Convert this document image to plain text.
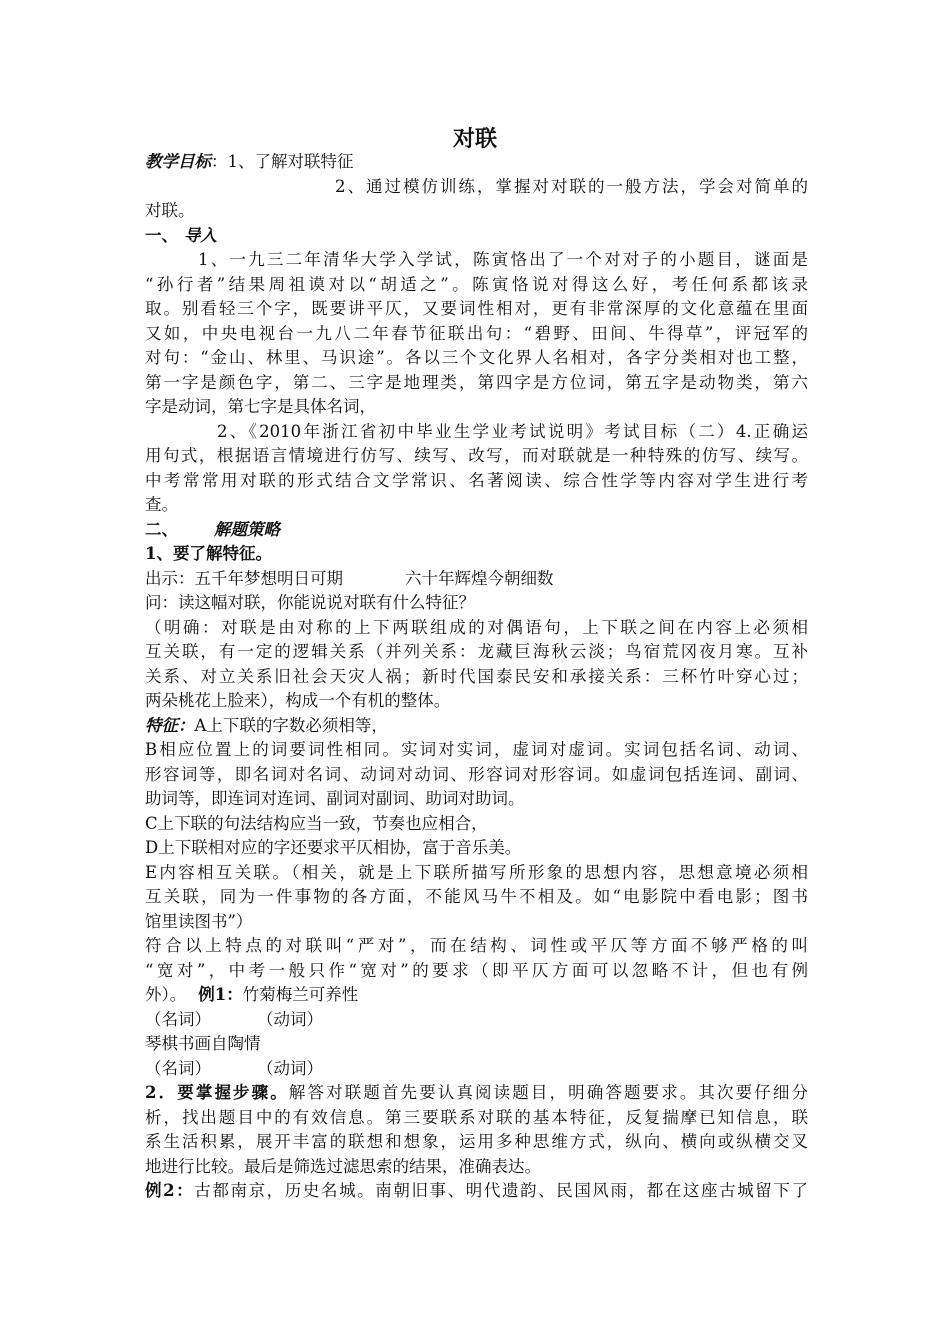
对联
教学目标：1、了解对联特征
2、通过模仿训练，掌握对对联的一般方法，学会对简单的
对联。
一、 导入
1、一九三二年清华大学入学试，陈寅恪出了一个对对子的小题目，谜面是
“孙行者”结果周祖谟对以“胡适之”。陈寅恪说对得这么好，考任何系都该录
取。别看轻三个字，既要讲平仄，又要词性相对，更有非常深厚的文化意蕴在里面
又如，中央电视台一九八二年春节征联出句：“碧野、田间、牛得草”，评冠军的
对句：“金山、林里、马识途”。各以三个文化界人名相对，各字分类相对也工整，
第一字是颜色字，第二、三字是地理类，第四字是方位词，第五字是动物类，第六
字是动词，第七字是具体名词，
2、《2010年浙江省初中毕业生学业考试说明》考试目标（二）4.正确运
用句式，根据语言情境进行仿写、续写、改写，而对联就是一种特殊的仿写、续写。
中考常常用对联的形式结合文学常识、名著阅读、综合性学等内容对学生进行考
查。
二、 解题策略
1、要了解特征。
出示：五千年梦想明日可期	六十年辉煌今朝细数
问：读这幅对联，你能说说对联有什么特征？
（明确：对联是由对称的上下两联组成的对偶语句，上下联之间在内容上必须相
互关联，有一定的逻辑关系（并列关系：龙藏巨海秋云淡；鸟宿荒冈夜月寒。互补
关系、对立关系旧社会天灾人祸；新时代国泰民安和承接关系：三杯竹叶穿心过；
两朵桃花上脸来），构成一个有机的整体。
特征：A上下联的字数必须相等，
B相应位置上的词要词性相同。实词对实词，虚词对虚词。实词包括名词、动词、
形容词等，即名词对名词、动词对动词、形容词对形容词。如虚词包括连词、副词、
助词等，即连词对连词、副词对副词、助词对助词。
C上下联的句法结构应当一致，节奏也应相合，
D上下联相对应的字还要求平仄相协，富于音乐美。
E内容相互关联。（相关，就是上下联所描写所形象的思想内容，思想意境必须相
互关联，同为一件事物的各方面，不能风马牛不相及。如“电影院中看电影；图书
馆里读图书”）
符合以上特点的对联叫“严对”，而在结构、词性或平仄等方面不够严格的叫
“宽对”，中考一般只作“宽对”的要求（即平仄方面可以忽略不计，但也有例
外）。 例1：竹菊梅兰可养性
（名词）	（动词）
琴棋书画自陶情
（名词）	（动词）
2．要掌握步骤。解答对联题首先要认真阅读题目，明确答题要求。其次要仔细分
析，找出题目中的有效信息。第三要联系对联的基本特征，反复揣摩已知信息，联
系生活积累，展开丰富的联想和想象，运用多种思维方式，纵向、横向或纵横交叉
地进行比较。最后是筛选过滤思索的结果，准确表达。
例2：古都南京，历史名城。南朝旧事、明代遗韵、民国风雨，都在这座古城留下了
